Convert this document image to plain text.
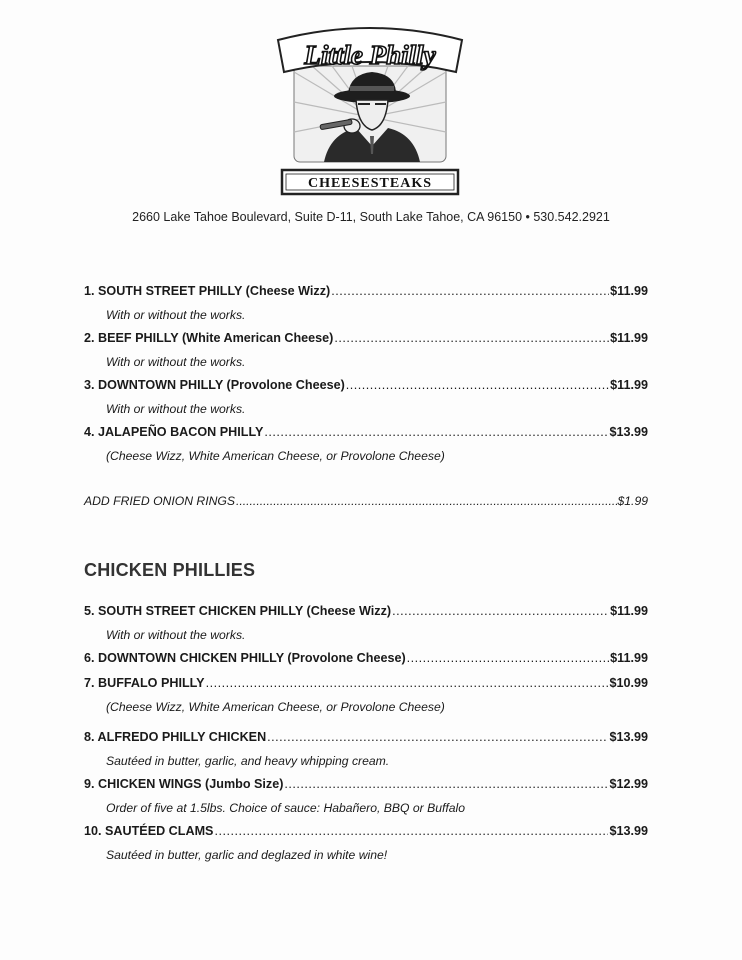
Little Philly
CHEESESTEAKS
2660 Lake Tahoe Boulevard, Suite D-11, South Lake Tahoe, CA 96150 • 530.542.2921
1. SOUTH STREET PHILLY (Cheese Wizz) .....	$11.99
With or without the works.
2. BEEF PHILLY (White American Cheese) .....	$11.99
With or without the works.
3. DOWNTOWN PHILLY (Provolone Cheese) .....	$11.99
With or without the works.
4. JALAPEÑO BACON PHILLY .....	$13.99
(Cheese Wizz, White American Cheese, or Provolone Cheese)
ADD FRIED ONION RINGS .....	$1.99
CHICKEN PHILLIES
5. SOUTH STREET CHICKEN PHILLY (Cheese Wizz) .....	$11.99
With or without the works.
6. DOWNTOWN CHICKEN PHILLY (Provolone Cheese) .....	$11.99
7. BUFFALO PHILLY .....	$10.99
(Cheese Wizz, White American Cheese, or Provolone Cheese)
8. ALFREDO PHILLY CHICKEN .....	$13.99
Sautéed in butter, garlic, and heavy whipping cream.
9. CHICKEN WINGS (Jumbo Size) .....	$12.99
Order of five at 1.5lbs. Choice of sauce: Habañero, BBQ or Buffalo
10. SAUTÉED CLAMS .....	$13.99
Sautéed in butter, garlic and deglazed in white wine!
